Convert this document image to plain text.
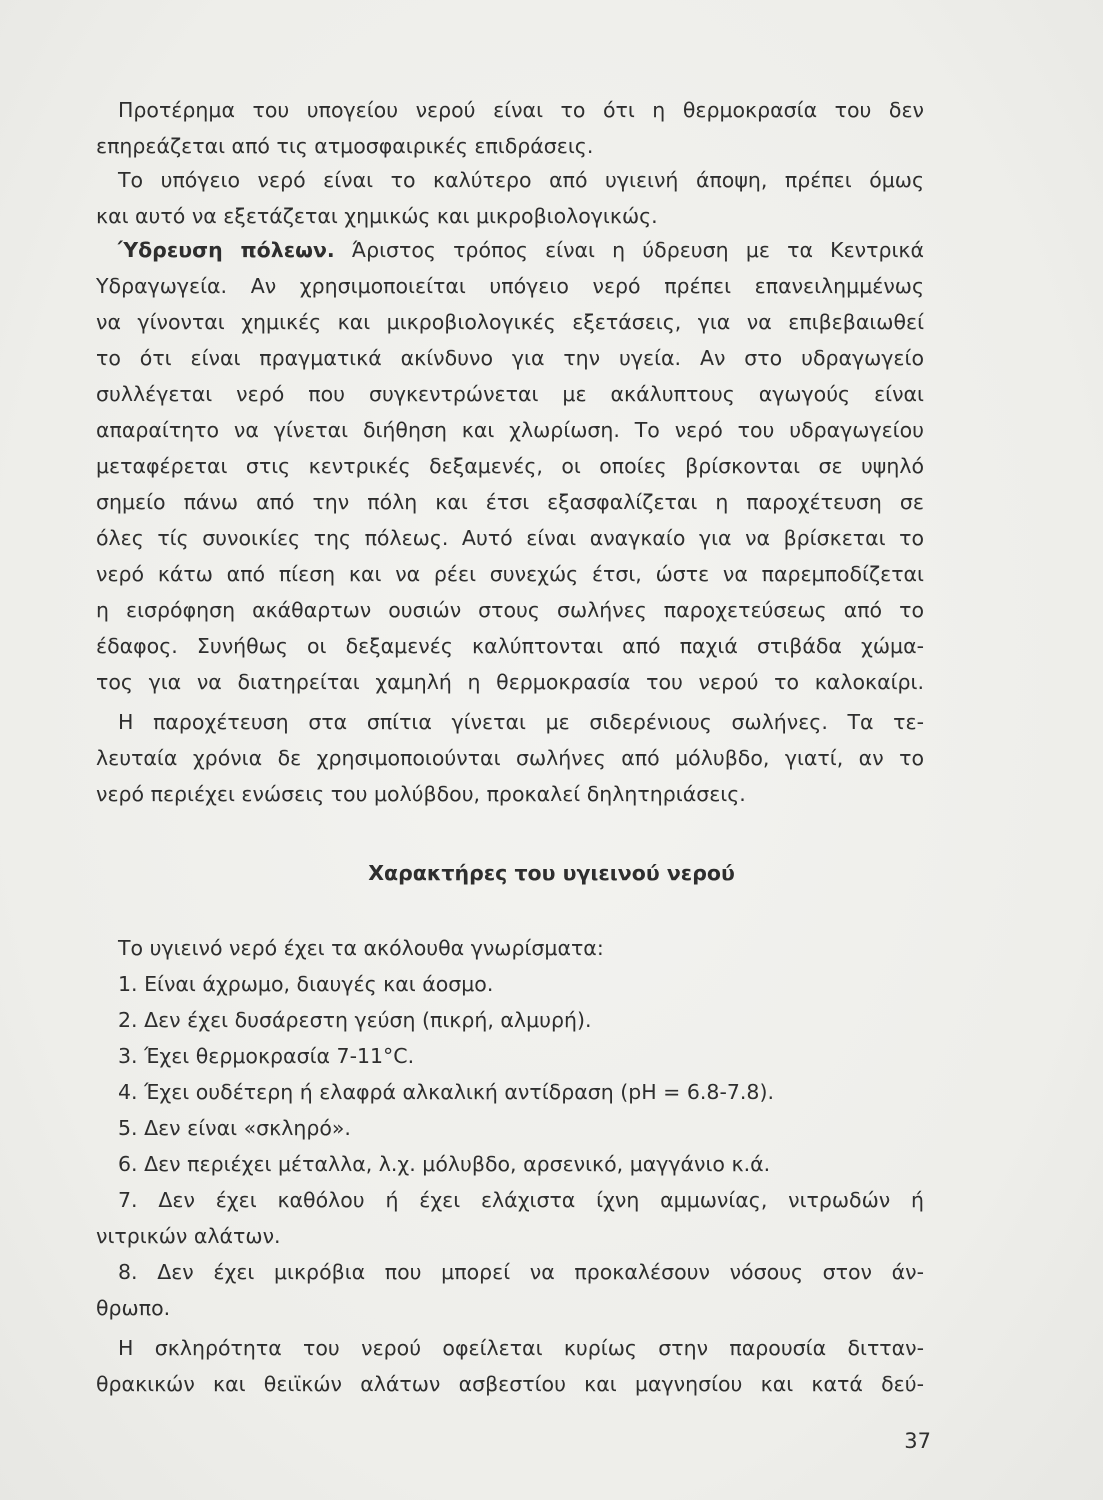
Προτέρημα του υπογείου νερού είναι το ότι η θερμοκρασία του δεν
επηρεάζεται από τις ατμοσφαιρικές επιδράσεις.
Το υπόγειο νερό είναι το καλύτερο από υγιεινή άποψη, πρέπει όμως
και αυτό να εξετάζεται χημικώς και μικροβιολογικώς.
Ύδρευση πόλεων. Άριστος τρόπος είναι η ύδρευση με τα Κεντρικά
Υδραγωγεία. Αν χρησιμοποιείται υπόγειο νερό πρέπει επανειλημμένως
να γίνονται χημικές και μικροβιολογικές εξετάσεις, για να επιβεβαιωθεί
το ότι είναι πραγματικά ακίνδυνο για την υγεία. Αν στο υδραγωγείο
συλλέγεται νερό που συγκεντρώνεται με ακάλυπτους αγωγούς είναι
απαραίτητο να γίνεται διήθηση και χλωρίωση. Το νερό του υδραγωγείου
μεταφέρεται στις κεντρικές δεξαμενές, οι οποίες βρίσκονται σε υψηλό
σημείο πάνω από την πόλη και έτσι εξασφαλίζεται η παροχέτευση σε
όλες τίς συνοικίες της πόλεως. Αυτό είναι αναγκαίο για να βρίσκεται το
νερό κάτω από πίεση και να ρέει συνεχώς έτσι, ώστε να παρεμποδίζεται
η εισρόφηση ακάθαρτων ουσιών στους σωλήνες παροχετεύσεως από το
έδαφος. Συνήθως οι δεξαμενές καλύπτονται από παχιά στιβάδα χώμα-
τος για να διατηρείται χαμηλή η θερμοκρασία του νερού το καλοκαίρι.
Η παροχέτευση στα σπίτια γίνεται με σιδερένιους σωλήνες. Τα τε-
λευταία χρόνια δε χρησιμοποιούνται σωλήνες από μόλυβδο, γιατί, αν το
νερό περιέχει ενώσεις του μολύβδου, προκαλεί δηλητηριάσεις.
Χαρακτήρες του υγιεινού νερού
Το υγιεινό νερό έχει τα ακόλουθα γνωρίσματα:
1. Είναι άχρωμο, διαυγές και άοσμο.
2. Δεν έχει δυσάρεστη γεύση (πικρή, αλμυρή).
3. Έχει θερμοκρασία 7-11°C.
4. Έχει ουδέτερη ή ελαφρά αλκαλική αντίδραση (pH = 6.8-7.8).
5. Δεν είναι «σκληρό».
6. Δεν περιέχει μέταλλα, λ.χ. μόλυβδο, αρσενικό, μαγγάνιο κ.ά.
7. Δεν έχει καθόλου ή έχει ελάχιστα ίχνη αμμωνίας, νιτρωδών ή
νιτρικών αλάτων.
8. Δεν έχει μικρόβια που μπορεί να προκαλέσουν νόσους στον άν-
θρωπο.
Η σκληρότητα του νερού οφείλεται κυρίως στην παρουσία διτταν-
θρακικών και θειϊκών αλάτων ασβεστίου και μαγνησίου και κατά δεύ-
37
